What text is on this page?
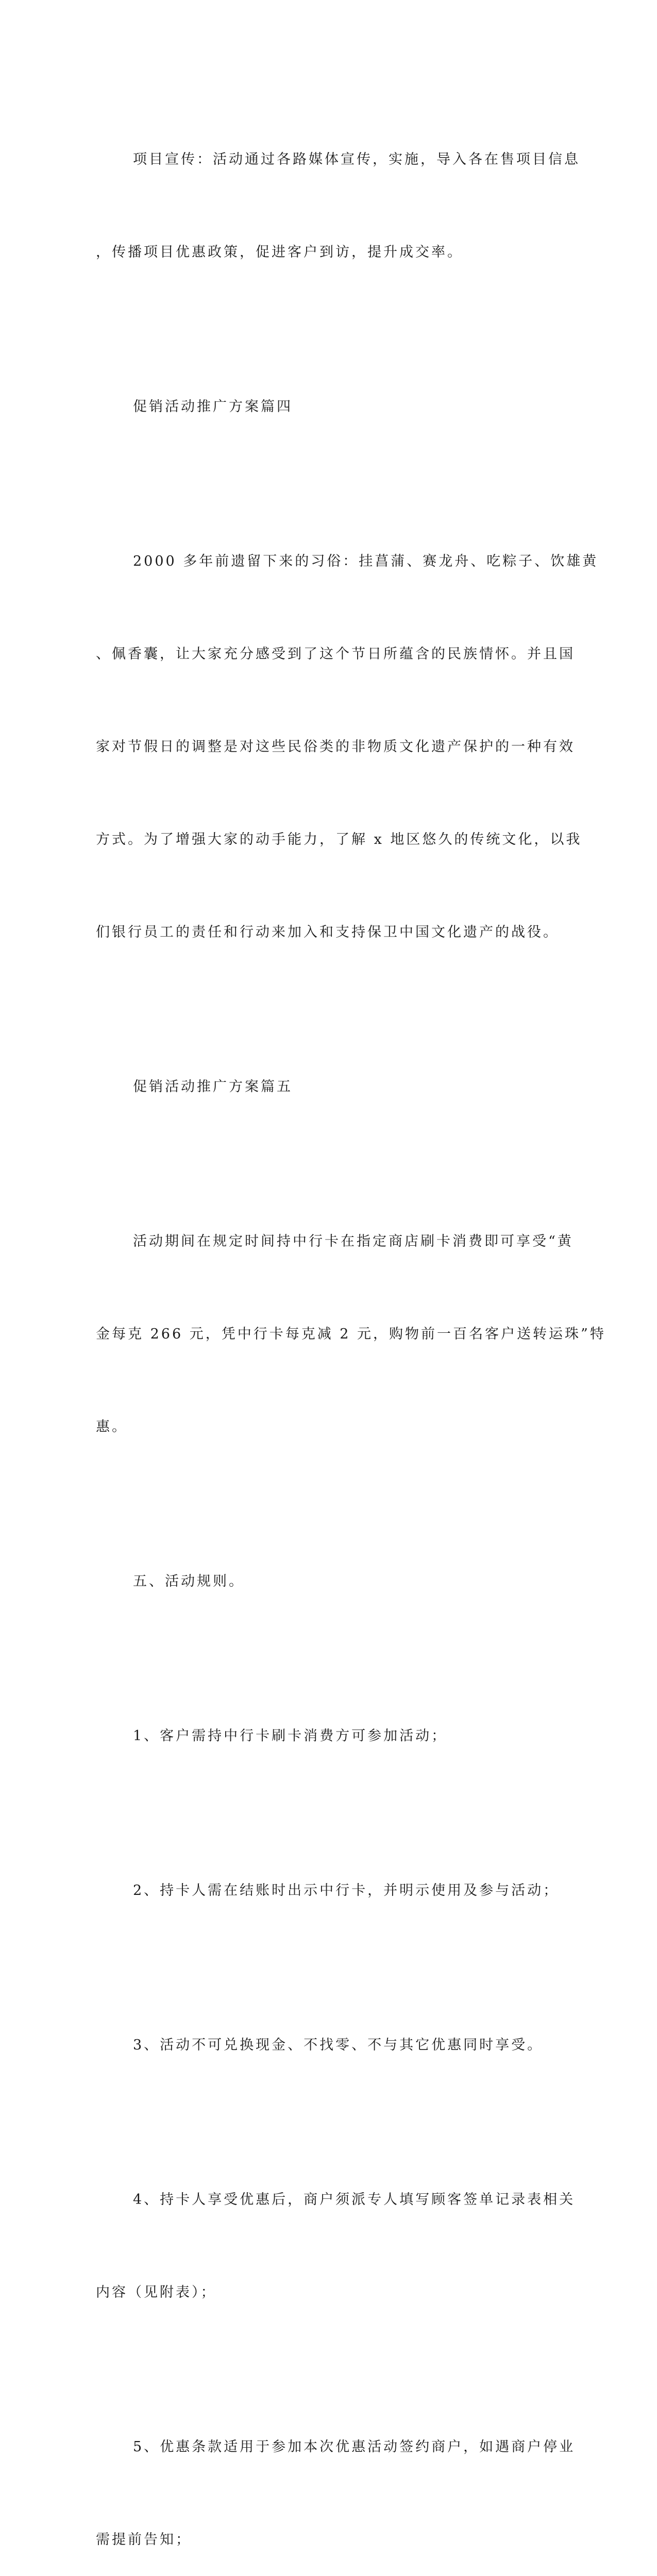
项目宣传：活动通过各路媒体宣传，实施，导入各在售项目信息

，传播项目优惠政策，促进客户到访，提升成交率。

促销活动推广方案篇四

2000 多年前遗留下来的习俗：挂菖蒲、赛龙舟、吃粽子、饮雄黄

、佩香囊，让大家充分感受到了这个节日所蕴含的民族情怀。并且国

家对节假日的调整是对这些民俗类的非物质文化遗产保护的一种有效

方式。为了增强大家的动手能力，了解 x 地区悠久的传统文化，以我

们银行员工的责任和行动来加入和支持保卫中国文化遗产的战役。

促销活动推广方案篇五

活动期间在规定时间持中行卡在指定商店刷卡消费即可享受“黄

金每克 266 元，凭中行卡每克减 2 元，购物前一百名客户送转运珠”特

惠。

五、活动规则。

1、客户需持中行卡刷卡消费方可参加活动；

2、持卡人需在结账时出示中行卡，并明示使用及参与活动；

3、活动不可兑换现金、不找零、不与其它优惠同时享受。

4、持卡人享受优惠后，商户须派专人填写顾客签单记录表相关

内容（见附表）；

5、优惠条款适用于参加本次优惠活动签约商户，如遇商户停业

需提前告知；
